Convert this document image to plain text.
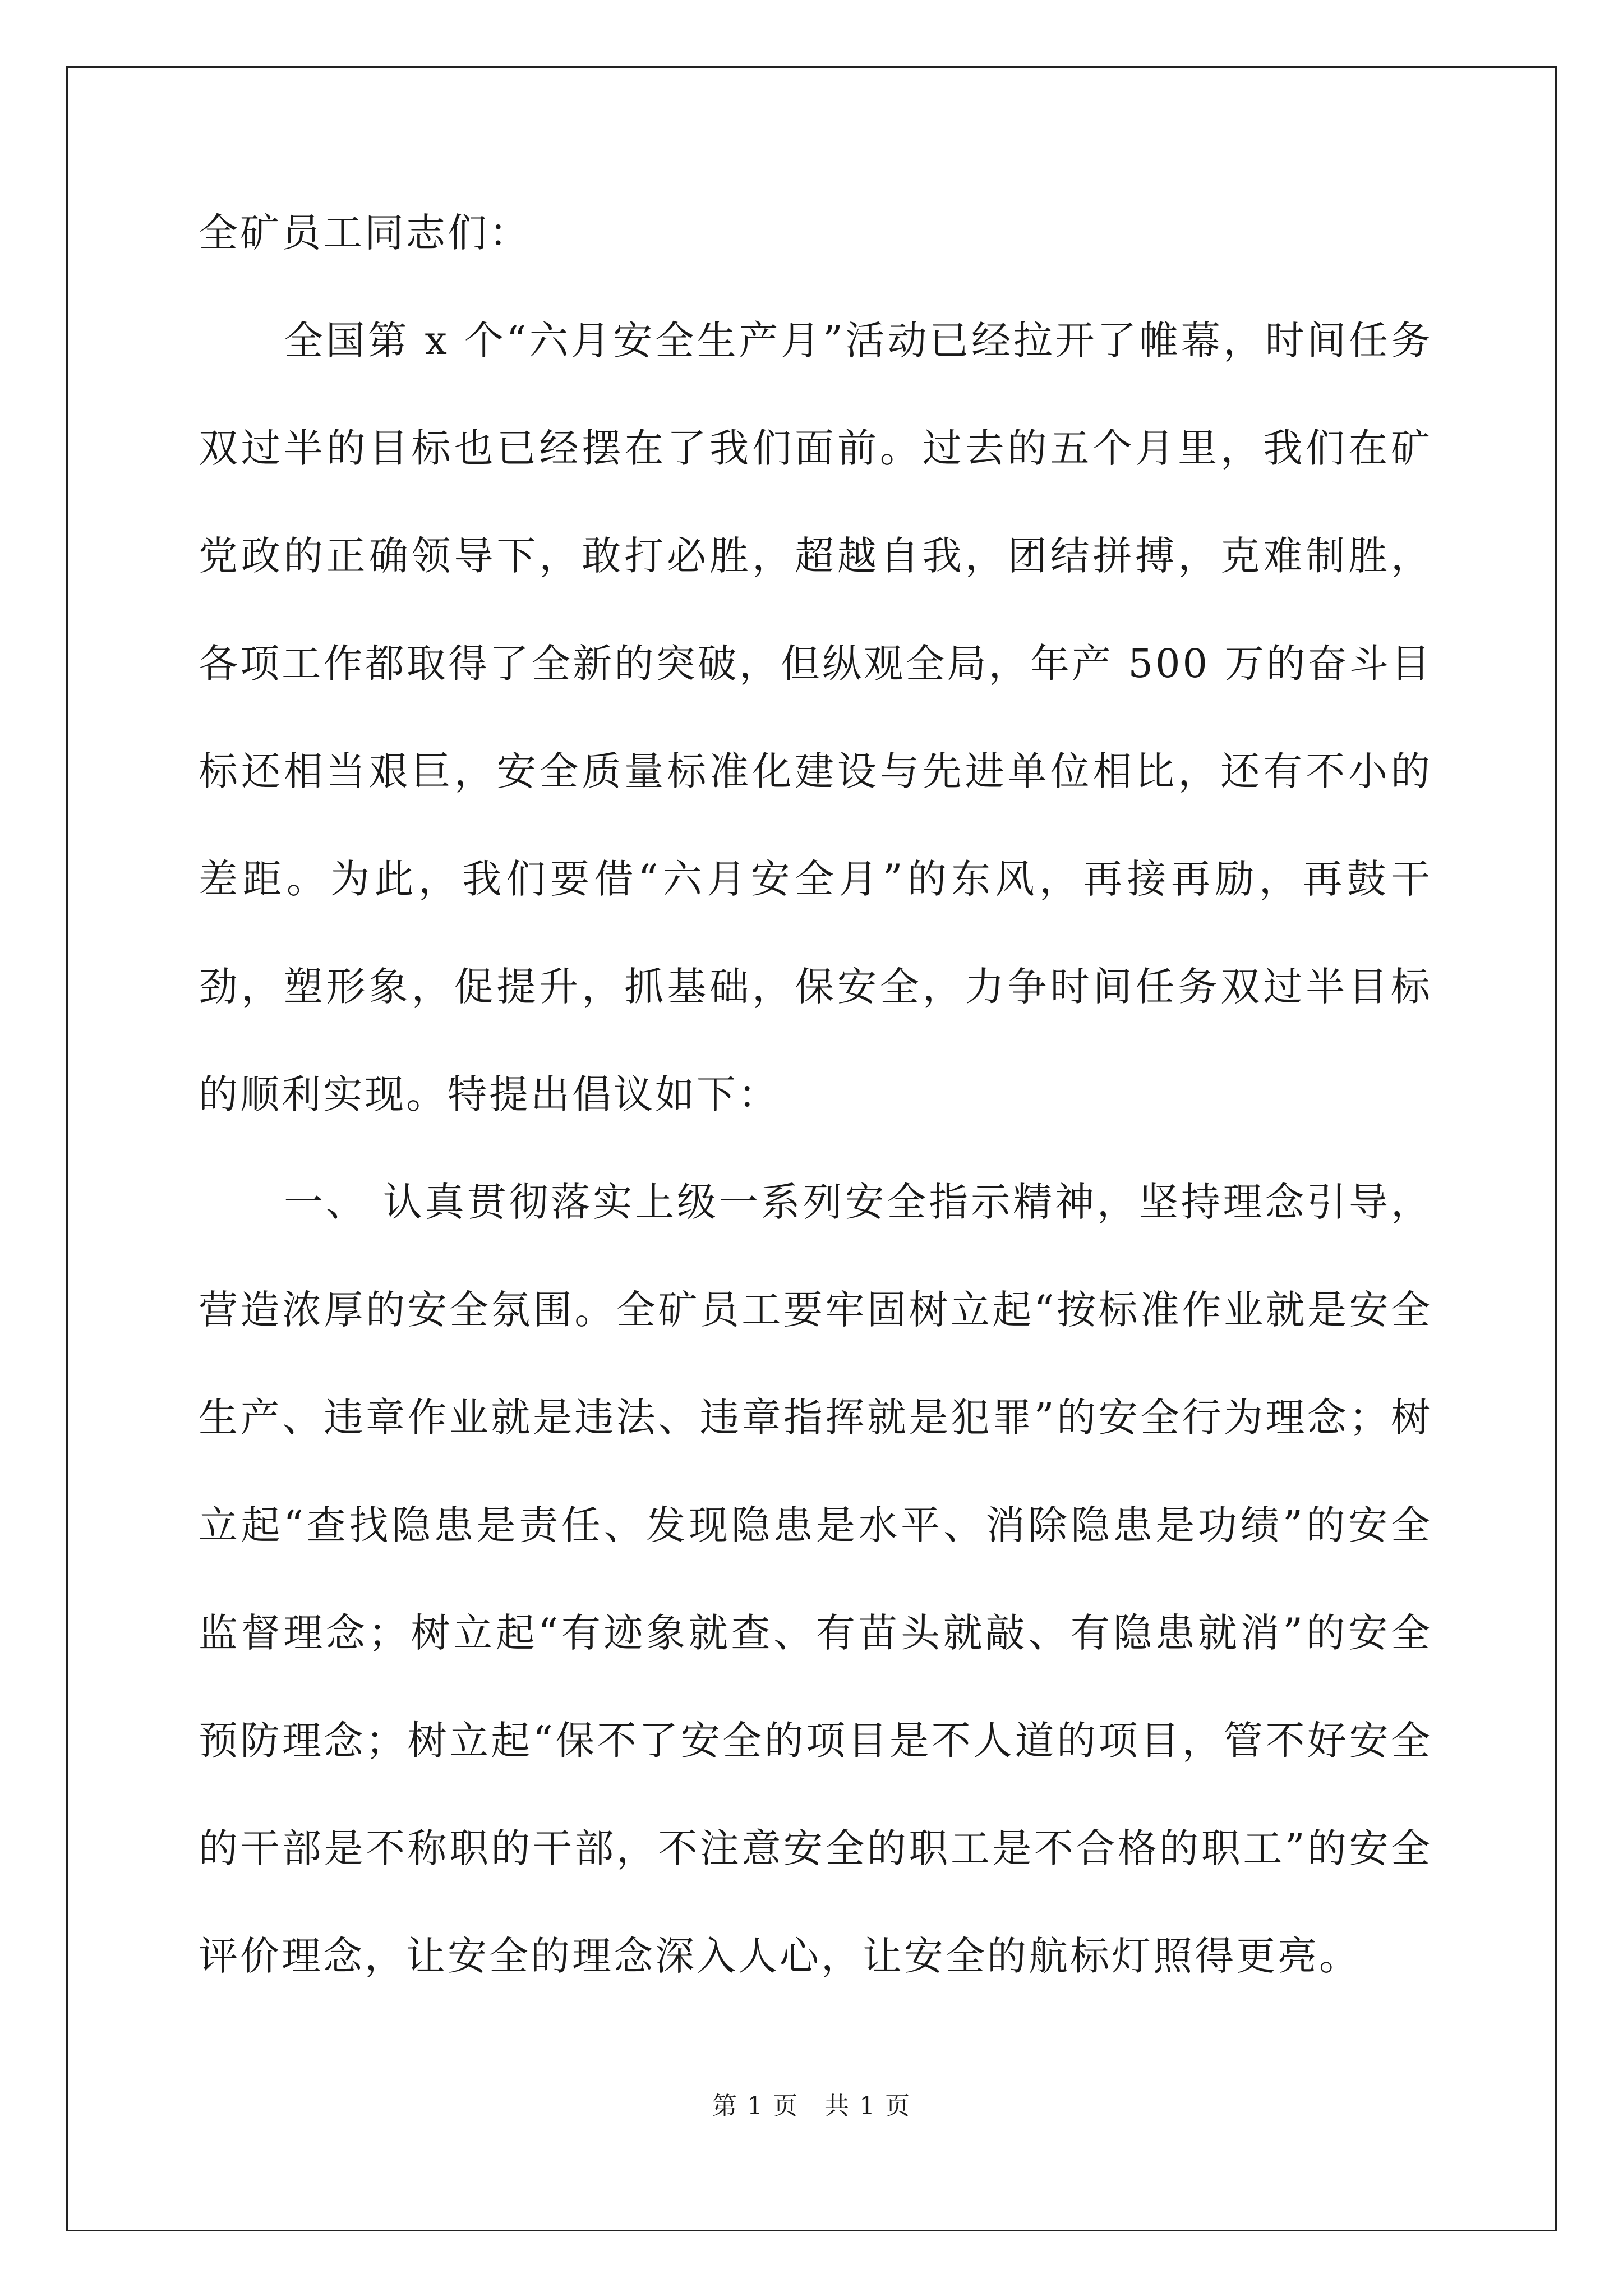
全矿员工同志们：

全国第 x 个“六月安全生产月”活动已经拉开了帷幕，时间任务双过半的目标也已经摆在了我们面前。过去的五个月里，我们在矿党政的正确领导下，敢打必胜，超越自我，团结拼搏，克难制胜，各项工作都取得了全新的突破，但纵观全局，年产 500 万的奋斗目标还相当艰巨，安全质量标准化建设与先进单位相比，还有不小的差距。为此，我们要借“六月安全月”的东风，再接再励，再鼓干劲，塑形象，促提升，抓基础，保安全，力争时间任务双过半目标的顺利实现。特提出倡议如下：

一、 认真贯彻落实上级一系列安全指示精神，坚持理念引导，营造浓厚的安全氛围。全矿员工要牢固树立起“按标准作业就是安全生产、违章作业就是违法、违章指挥就是犯罪”的安全行为理念；树立起“查找隐患是责任、发现隐患是水平、消除隐患是功绩”的安全监督理念；树立起“有迹象就查、有苗头就敲、有隐患就消”的安全预防理念；树立起“保不了安全的项目是不人道的项目，管不好安全的干部是不称职的干部，不注意安全的职工是不合格的职工”的安全评价理念，让安全的理念深入人心，让安全的航标灯照得更亮。

第 1 页　共 1 页
